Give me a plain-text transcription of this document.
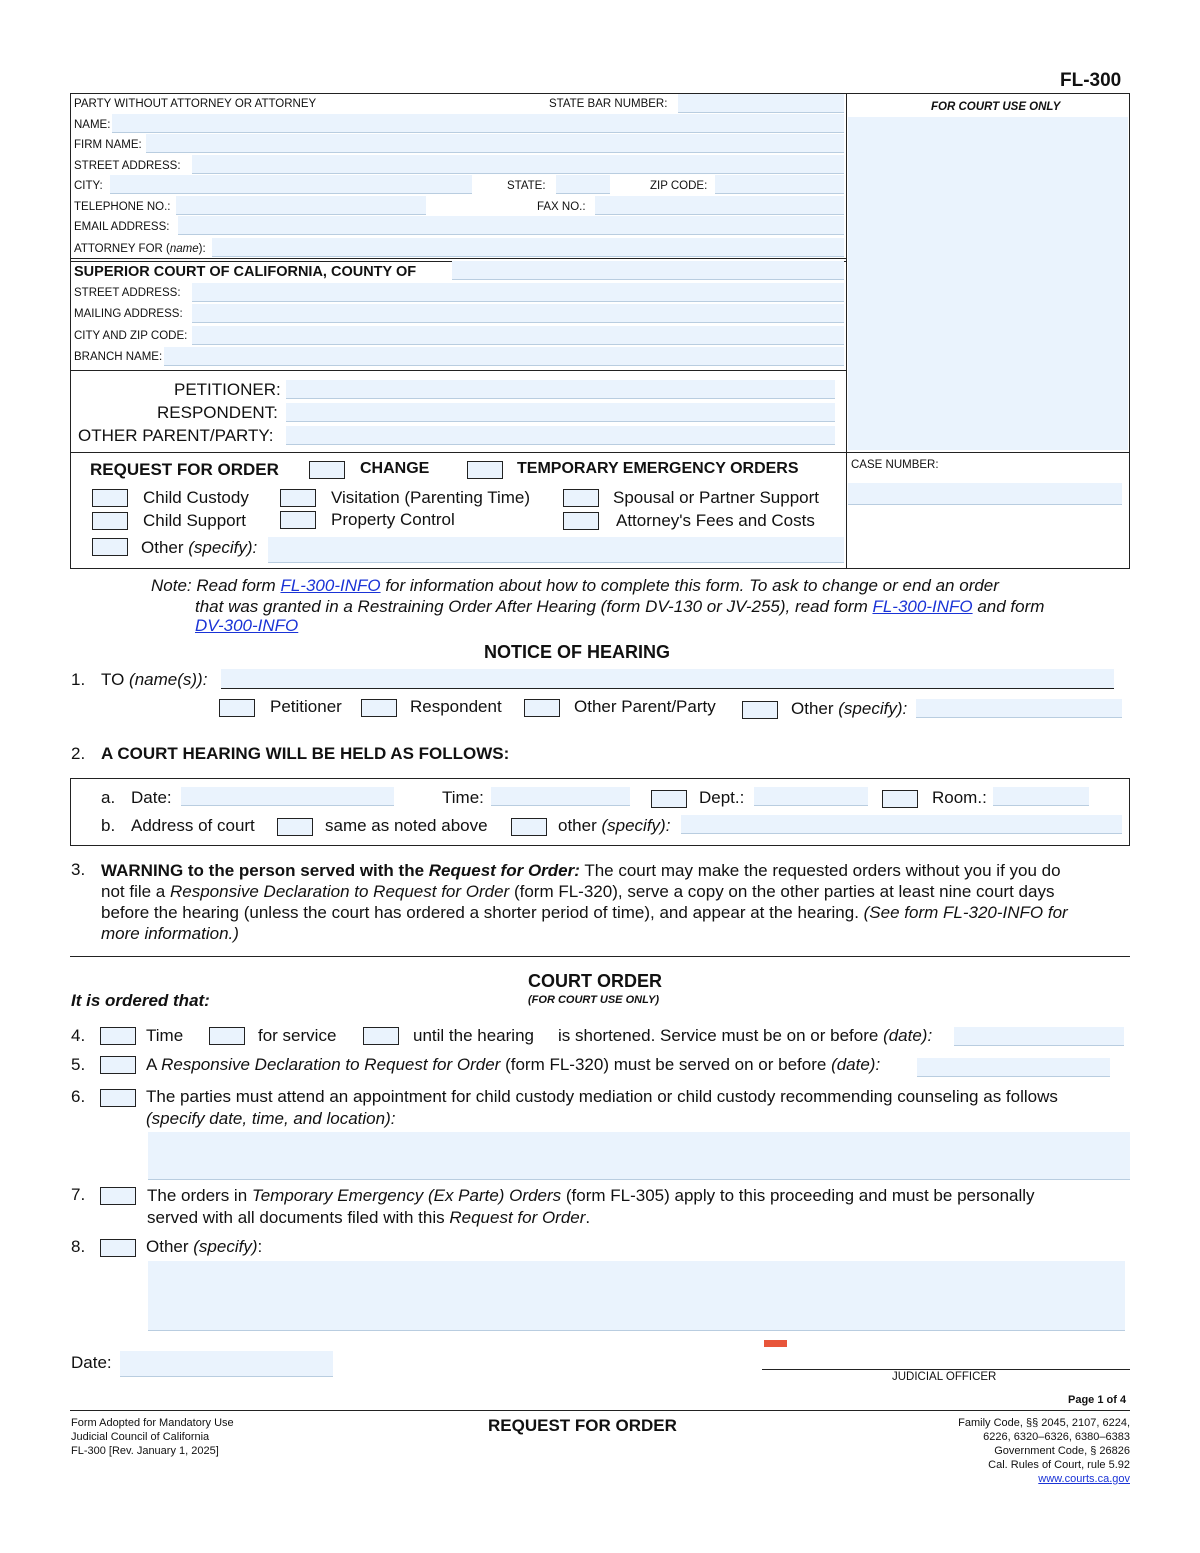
FL-300
FOR COURT USE ONLY
PARTY WITHOUT ATTORNEY OR ATTORNEY	STATE BAR NUMBER:
NAME:
FIRM NAME:
STREET ADDRESS:
CITY:	STATE:	ZIP CODE:
TELEPHONE NO.:	FAX NO.:
EMAIL ADDRESS:
ATTORNEY FOR (name):
SUPERIOR COURT OF CALIFORNIA, COUNTY OF
STREET ADDRESS:
MAILING ADDRESS:
CITY AND ZIP CODE:
BRANCH NAME:
PETITIONER:
RESPONDENT:
OTHER PARENT/PARTY:
CASE NUMBER:
REQUEST FOR ORDER	CHANGE	TEMPORARY EMERGENCY ORDERS
Child Custody	Visitation (Parenting Time)	Spousal or Partner Support
Child Support	Property Control	Attorney's Fees and Costs
Other (specify):
Note: Read form FL-300-INFO for information about how to complete this form. To ask to change or end an order
that was granted in a Restraining Order After Hearing (form DV-130 or JV-255), read form FL-300-INFO and form
DV-300-INFO
NOTICE OF HEARING
1. TO (name(s)):
Petitioner	Respondent	Other Parent/Party	Other (specify):
2. A COURT HEARING WILL BE HELD AS FOLLOWS:
a. Date:	Time:	Dept.:	Room.:
b. Address of court	same as noted above	other (specify):
3. WARNING to the person served with the Request for Order: The court may make the requested orders without you if you do

not file a Responsive Declaration to Request for Order (form FL-320), serve a copy on the other parties at least nine court days

before the hearing (unless the court has ordered a shorter period of time), and appear at the hearing. (See form FL-320-INFO for

more information.)

COURT ORDER
(FOR COURT USE ONLY)
It is ordered that:
4.	Time	for service	until the hearing is shortened. Service must be on or before (date):
5.	A Responsive Declaration to Request for Order (form FL-320) must be served on or before (date):
6.	The parties must attend an appointment for child custody mediation or child custody recommending counseling as follows
(specify date, time, and location):
7.	The orders in Temporary Emergency (Ex Parte) Orders (form FL-305) apply to this proceeding and must be personally

served with all documents filed with this Request for Order.

8.	Other (specify):
Date:
JUDICIAL OFFICER
Page 1 of 4

Form Adopted for Mandatory Use

Judicial Council of California

FL-300 [Rev. January 1, 2025]

REQUEST FOR ORDER	Family Code, §§ 2045, 2107, 6224,

6226, 6320–6326, 6380–6383

Government Code, § 26826

Cal. Rules of Court, rule 5.92

www.courts.ca.gov
